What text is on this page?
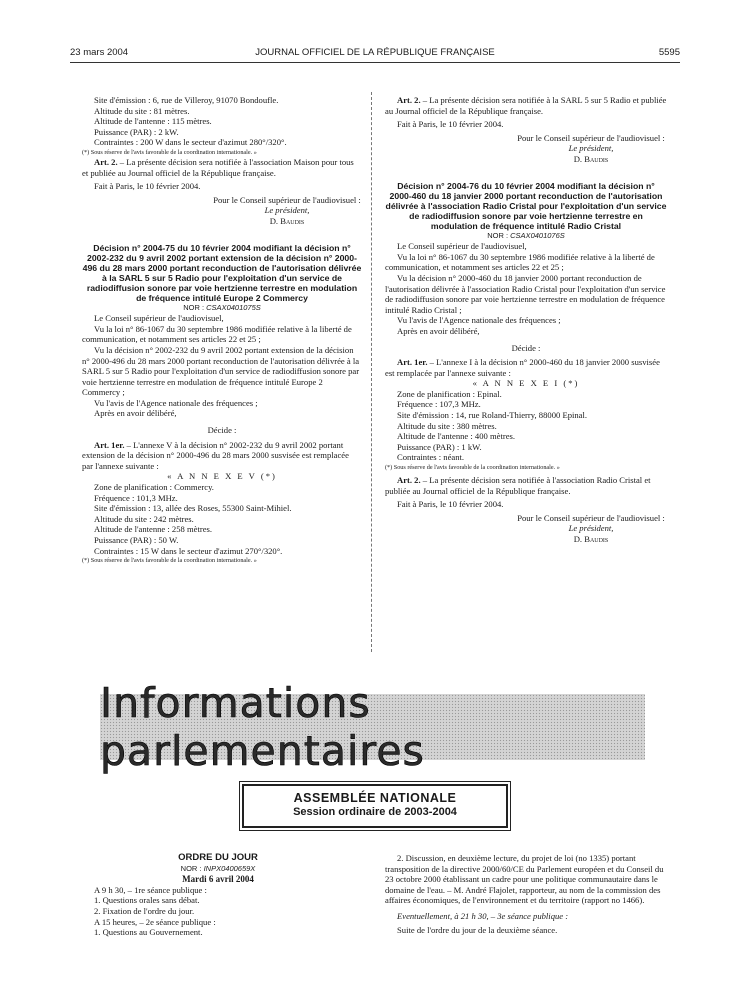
23 mars 2004	JOURNAL OFFICIEL DE LA RÉPUBLIQUE FRANÇAISE	5595

Site d'émission : 6, rue de Villeroy, 91070 Bondoufle.

Altitude du site : 81 mètres.

Altitude de l'antenne : 115 mètres.

Puissance (PAR) : 2 kW.

Contraintes : 200 W dans le secteur d'azimut 280°/320°.

(*) Sous réserve de l'avis favorable de la coordination internationale. »

Art. 2. – La présente décision sera notifiée à l'association Maison pour tous et publiée au Journal officiel de la République française.

Fait à Paris, le 10 février 2004.

Pour le Conseil supérieur de l'audiovisuel :

Le président,

D. Baudis

Décision n° 2004-75 du 10 février 2004 modifiant la décision n° 2002-232 du 9 avril 2002 portant extension de la décision n° 2000-496 du 28 mars 2000 portant reconduction de l'autorisation délivrée à la SARL 5 sur 5 Radio pour l'exploitation d'un service de radiodiffusion sonore par voie hertzienne terrestre en modulation de fréquence intitulé Europe 2 Commercy

NOR : CSAX0401075S

Le Conseil supérieur de l'audiovisuel,

Vu la loi n° 86-1067 du 30 septembre 1986 modifiée relative à la liberté de communication, et notamment ses articles 22 et 25 ;

Vu la décision n° 2002-232 du 9 avril 2002 portant extension de la décision n° 2000-496 du 28 mars 2000 portant reconduction de l'autorisation délivrée à la SARL 5 sur 5 Radio pour l'exploitation d'un service de radiodiffusion sonore par voie hertzienne terrestre en modulation de fréquence intitulé Europe 2 Commercy ;

Vu l'avis de l'Agence nationale des fréquences ;

Après en avoir délibéré,

Décide :

Art. 1er. – L'annexe V à la décision n° 2002-232 du 9 avril 2002 portant extension de la décision n° 2000-496 du 28 mars 2000 susvisée est remplacée par l'annexe suivante :

« A N N E X E V (*)

Zone de planification : Commercy.

Fréquence : 101,3 MHz.

Site d'émission : 13, allée des Roses, 55300 Saint-Mihiel.

Altitude du site : 242 mètres.

Altitude de l'antenne : 258 mètres.

Puissance (PAR) : 50 W.

Contraintes : 15 W dans le secteur d'azimut 270°/320°.

(*) Sous réserve de l'avis favorable de la coordination internationale. »

Art. 2. – La présente décision sera notifiée à la SARL 5 sur 5 Radio et publiée au Journal officiel de la République française.

Fait à Paris, le 10 février 2004.

Pour le Conseil supérieur de l'audiovisuel :

Le président,

D. Baudis

Décision n° 2004-76 du 10 février 2004 modifiant la décision n° 2000-460 du 18 janvier 2000 portant reconduction de l'autorisation délivrée à l'association Radio Cristal pour l'exploitation d'un service de radiodiffusion sonore par voie hertzienne terrestre en modulation de fréquence intitulé Radio Cristal

NOR : CSAX0401076S

Le Conseil supérieur de l'audiovisuel,

Vu la loi n° 86-1067 du 30 septembre 1986 modifiée relative à la liberté de communication, et notamment ses articles 22 et 25 ;

Vu la décision n° 2000-460 du 18 janvier 2000 portant reconduction de l'autorisation délivrée à l'association Radio Cristal pour l'exploitation d'un service de radiodiffusion sonore par voie hertzienne terrestre en modulation de fréquence intitulé Radio Cristal ;

Vu l'avis de l'Agence nationale des fréquences ;

Après en avoir délibéré,

Décide :

Art. 1er. – L'annexe I à la décision n° 2000-460 du 18 janvier 2000 susvisée est remplacée par l'annexe suivante :

« A N N E X E I (*)

Zone de planification : Epinal.

Fréquence : 107,3 MHz.

Site d'émission : 14, rue Roland-Thierry, 88000 Epinal.

Altitude du site : 380 mètres.

Altitude de l'antenne : 400 mètres.

Puissance (PAR) : 1 kW.

Contraintes : néant.

(*) Sous réserve de l'avis favorable de la coordination internationale. »

Art. 2. – La présente décision sera notifiée à l'association Radio Cristal et publiée au Journal officiel de la République française.

Fait à Paris, le 10 février 2004.

Pour le Conseil supérieur de l'audiovisuel :

Le président,

D. Baudis

Informations parlementaires
ASSEMBLÉE NATIONALE
Session ordinaire de 2003-2004

ORDRE DU JOUR

NOR : INPX0400659X

Mardi 6 avril 2004

A 9 h 30, – 1re séance publique :

1. Questions orales sans débat.

2. Fixation de l'ordre du jour.

A 15 heures, – 2e séance publique :

1. Questions au Gouvernement.

2. Discussion, en deuxième lecture, du projet de loi (no 1335) portant transposition de la directive 2000/60/CE du Parlement européen et du Conseil du 23 octobre 2000 établissant un cadre pour une politique communautaire dans le domaine de l'eau. – M. André Flajolet, rapporteur, au nom de la commission des affaires économiques, de l'environnement et du territoire (rapport no 1466).

Eventuellement, à 21 h 30, – 3e séance publique :

Suite de l'ordre du jour de la deuxième séance.
